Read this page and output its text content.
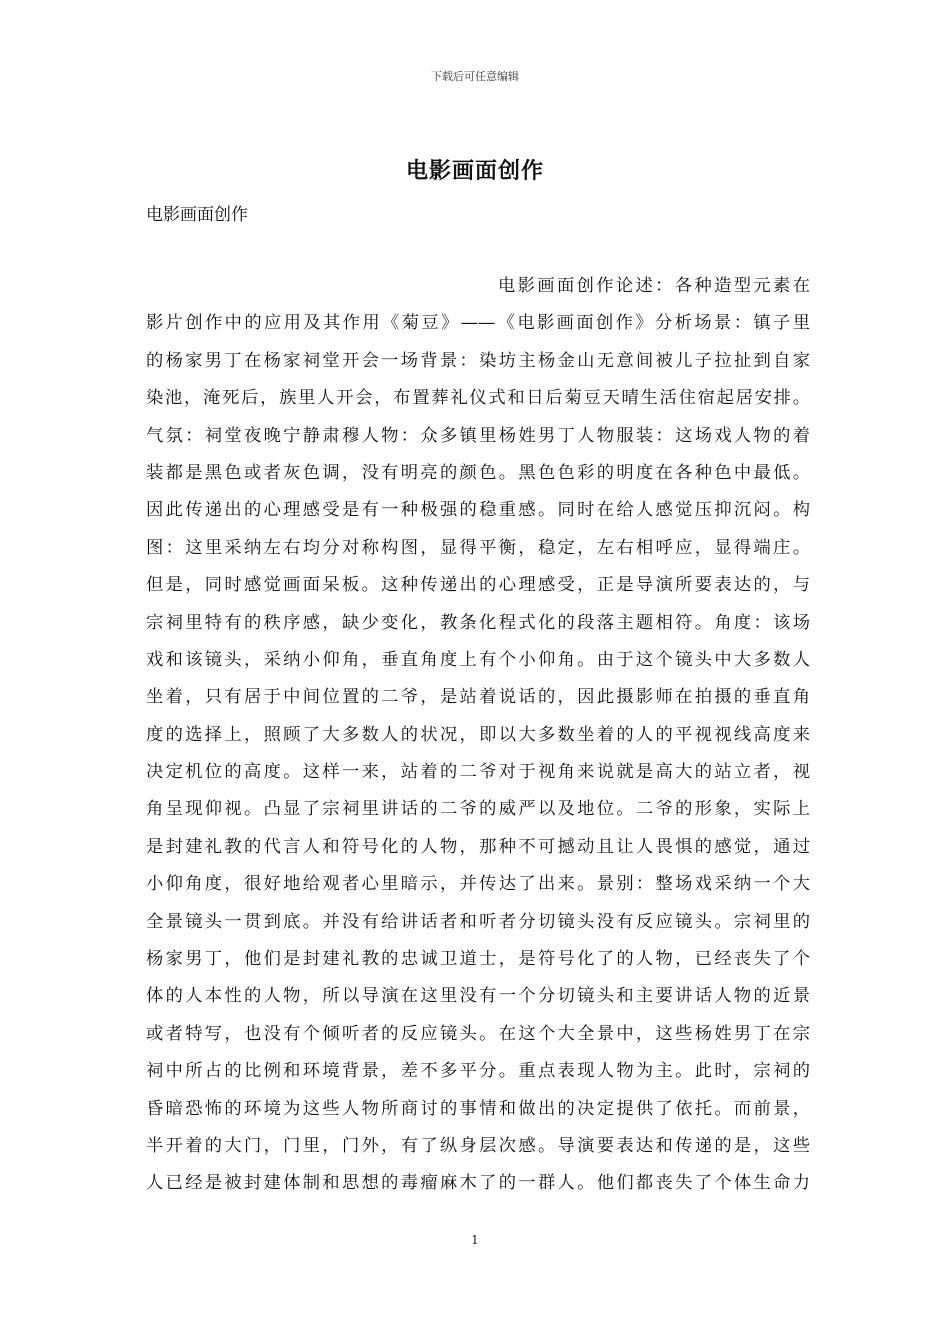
下载后可任意编辑
电影画面创作
电影画面创作
电影画面创作论述：各种造型元素在
影片创作中的应用及其作用《菊豆》——《电影画面创作》分析场景：镇子里
的杨家男丁在杨家祠堂开会一场背景：染坊主杨金山无意间被儿子拉扯到自家
染池，淹死后，族里人开会，布置葬礼仪式和日后菊豆天晴生活住宿起居安排。
气氛：祠堂夜晚宁静肃穆人物：众多镇里杨姓男丁人物服装：这场戏人物的着
装都是黑色或者灰色调，没有明亮的颜色。黑色色彩的明度在各种色中最低。
因此传递出的心理感受是有一种极强的稳重感。同时在给人感觉压抑沉闷。构
图：这里采纳左右均分对称构图，显得平衡，稳定，左右相呼应，显得端庄。
但是，同时感觉画面呆板。这种传递出的心理感受，正是导演所要表达的，与
宗祠里特有的秩序感，缺少变化，教条化程式化的段落主题相符。角度：该场
戏和该镜头，采纳小仰角，垂直角度上有个小仰角。由于这个镜头中大多数人
坐着，只有居于中间位置的二爷，是站着说话的，因此摄影师在拍摄的垂直角
度的选择上，照顾了大多数人的状况，即以大多数坐着的人的平视视线高度来
决定机位的高度。这样一来，站着的二爷对于视角来说就是高大的站立者，视
角呈现仰视。凸显了宗祠里讲话的二爷的威严以及地位。二爷的形象，实际上
是封建礼教的代言人和符号化的人物，那种不可撼动且让人畏惧的感觉，通过
小仰角度，很好地给观者心里暗示，并传达了出来。景别：整场戏采纳一个大
全景镜头一贯到底。并没有给讲话者和听者分切镜头没有反应镜头。宗祠里的
杨家男丁，他们是封建礼教的忠诚卫道士，是符号化了的人物，已经丧失了个
体的人本性的人物，所以导演在这里没有一个分切镜头和主要讲话人物的近景
或者特写，也没有个倾听者的反应镜头。在这个大全景中，这些杨姓男丁在宗
祠中所占的比例和环境背景，差不多平分。重点表现人物为主。此时，宗祠的
昏暗恐怖的环境为这些人物所商讨的事情和做出的决定提供了依托。而前景，
半开着的大门，门里，门外，有了纵身层次感。导演要表达和传递的是，这些
人已经是被封建体制和思想的毒瘤麻木了的一群人。他们都丧失了个体生命力
1
